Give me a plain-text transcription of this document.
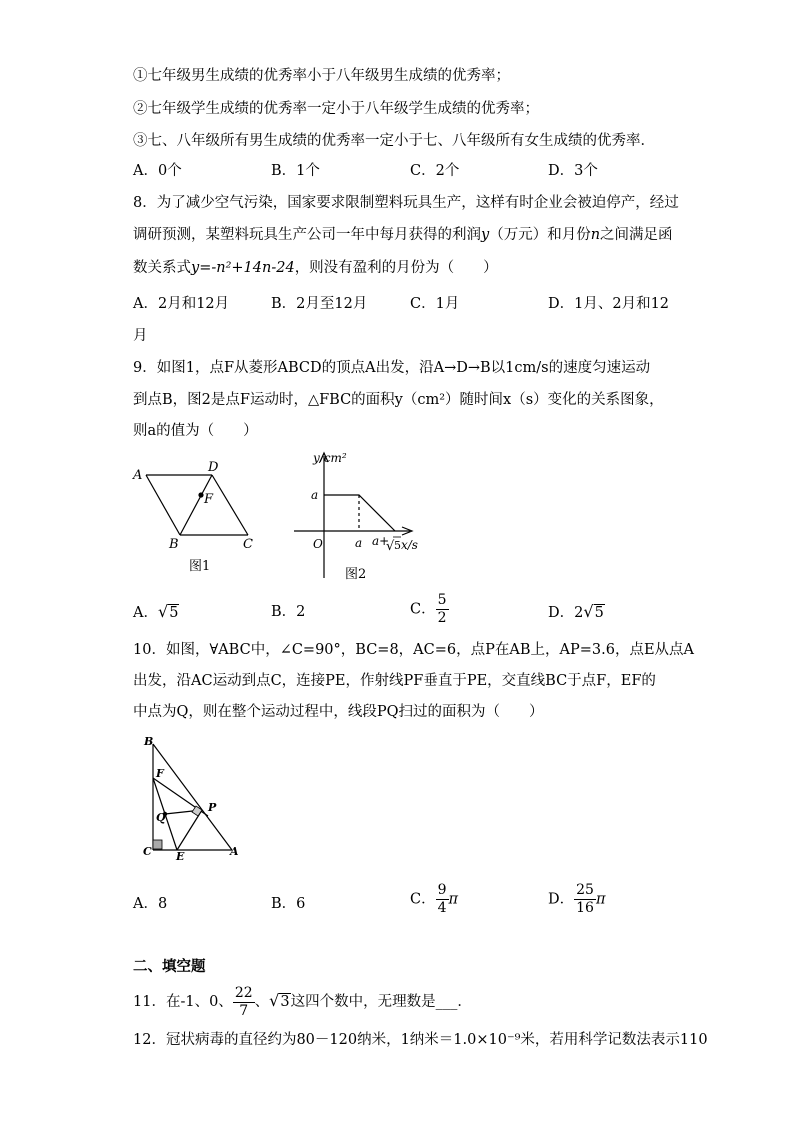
①七年级男生成绩的优秀率小于八年级男生成绩的优秀率；
②七年级学生成绩的优秀率一定小于八年级学生成绩的优秀率；
③七、八年级所有男生成绩的优秀率一定小于七、八年级所有女生成绩的优秀率．
A．0个	B．1个	C．2个	D．3个
8．为了减少空气污染，国家要求限制塑料玩具生产，这样有时企业会被迫停产，经过
调研预测，某塑料玩具生产公司一年中每月获得的利润y（万元）和月份n之间满足函
数关系式y=-n²+14n-24，则没有盈利的月份为（　　）
A．2月和12月	B．2月至12月	C．1月	D．1月、2月和12
月
9．如图1，点F从菱形ABCD的顶点A出发，沿A→D→B以1cm/s的速度匀速运动
到点B，图2是点F运动时，△FBC的面积y（cm²）随时间x（s）变化的关系图象，
则a的值为（　　）
A
D
F
B	C
图1
y/cm²
a
O	a a+
√ 5 x/s
图2
A．√5	B．2	C． $\frac{5}{2}$	D．2√5
10．如图，∀ABC中，∠C=90°，BC=8，AC=6，点P在AB上，AP=3.6，点E从点A
出发，沿AC运动到点C，连接PE，作射线PF垂直于PE，交直线BC于点F，EF的
中点为Q，则在整个运动过程中，线段PQ扫过的面积为（　　）
B
F
P
Q
C E	A
A．8	B．6	C． $\frac{9}{4}$ π	D． $\frac{25}{16}$ π
二、填空题
11．在-1、0、 $\frac{22}{7}$ 、√3这四个数中，无理数是___．
12．冠状病毒的直径约为80－120纳米，1纳米＝1.0×10⁻⁹米，若用科学记数法表示110
